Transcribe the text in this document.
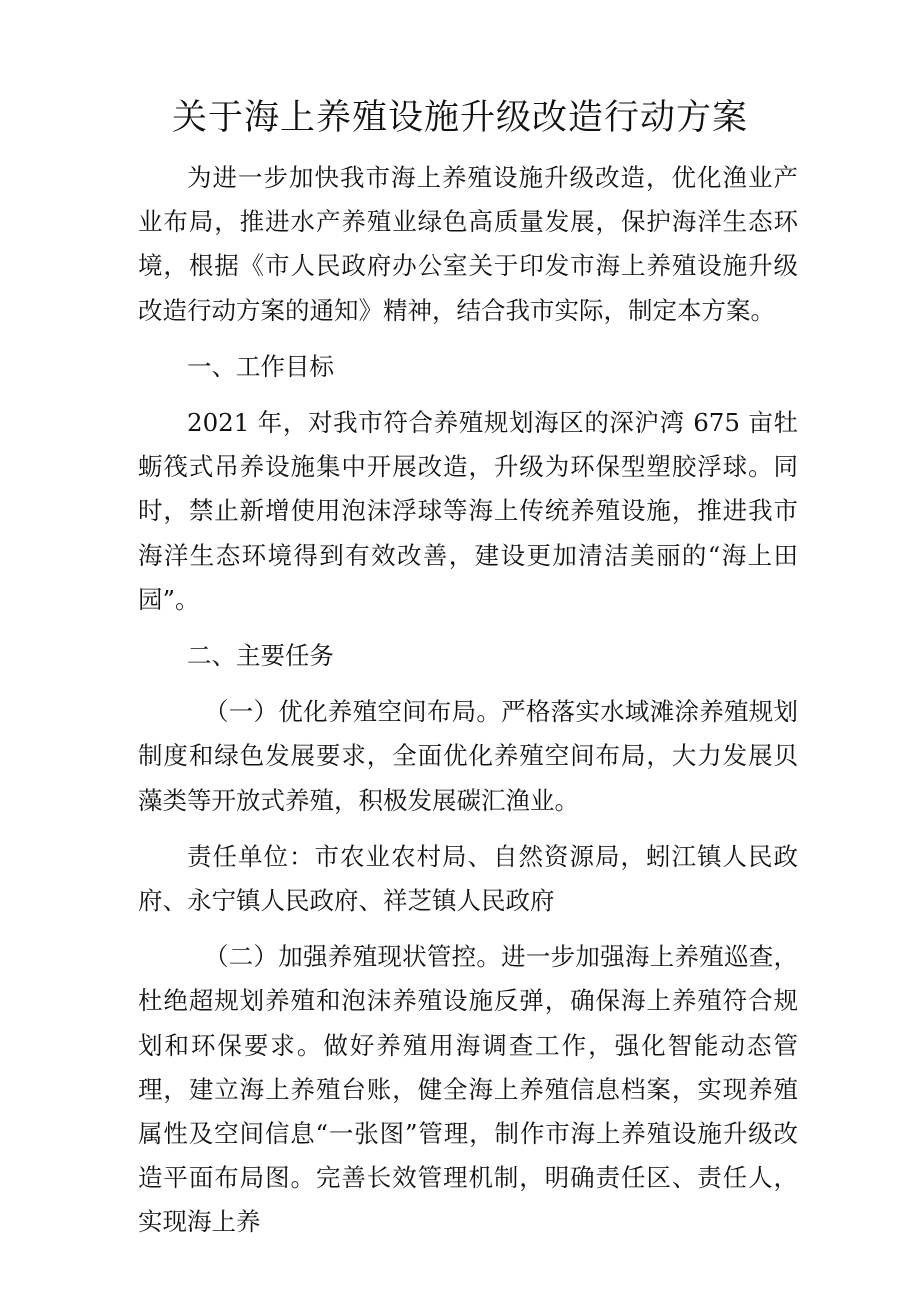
关于海上养殖设施升级改造行动方案

为进一步加快我市海上养殖设施升级改造，优化渔业产业布局，推进水产养殖业绿色高质量发展，保护海洋生态环境，根据《市人民政府办公室关于印发市海上养殖设施升级改造行动方案的通知》精神，结合我市实际，制定本方案。

一、工作目标

2021 年，对我市符合养殖规划海区的深沪湾 675 亩牡蛎筏式吊养设施集中开展改造，升级为环保型塑胶浮球。同时，禁止新增使用泡沫浮球等海上传统养殖设施，推进我市海洋生态环境得到有效改善，建设更加清洁美丽的“海上田园”。

二、主要任务

（一）优化养殖空间布局。严格落实水域滩涂养殖规划制度和绿色发展要求，全面优化养殖空间布局，大力发展贝藻类等开放式养殖，积极发展碳汇渔业。

责任单位：市农业农村局、自然资源局，蚓江镇人民政府、永宁镇人民政府、祥芝镇人民政府

（二）加强养殖现状管控。进一步加强海上养殖巡查，杜绝超规划养殖和泡沫养殖设施反弹，确保海上养殖符合规划和环保要求。做好养殖用海调查工作，强化智能动态管理，建立海上养殖台账，健全海上养殖信息档案，实现养殖属性及空间信息“一张图”管理，制作市海上养殖设施升级改造平面布局图。完善长效管理机制，明确责任区、责任人，实现海上养
